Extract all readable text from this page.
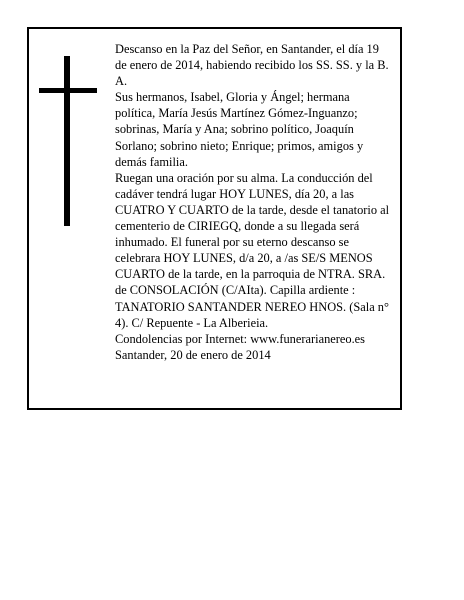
Descanso en la Paz del Señor, en Santander, el día 19 de enero de 2014, habiendo recibido los SS. SS. y la B. A.

Sus hermanos, Isabel, Gloria y Ángel; hermana política, María Jesús Martínez Gómez-Inguanzo; sobrinas, María y Ana; sobrino político, Joaquín Sorlano; sobrino nieto; Enrique; primos, amigos y demás familia.

Ruegan una oración por su alma. La conducción del cadáver tendrá lugar HOY LUNES, día 20, a las CUATRO Y CUARTO de la tarde, desde el tanatorio al cementerio de CIRIEGQ, donde a su llegada será inhumado. El funeral por su eterno descanso se celebrara HOY LUNES, d/a 20, a /as SE/S MENOS CUARTO de la tarde, en la parroquia de NTRA. SRA. de CONSOLACIÓN (C/AIta). Capilla ardiente : TANATORIO SANTANDER NEREO HNOS. (Sala n° 4). C/ Repuente - La Alberieia.

Condolencias por Internet: www.funerarianereo.es

Santander, 20 de enero de 2014
